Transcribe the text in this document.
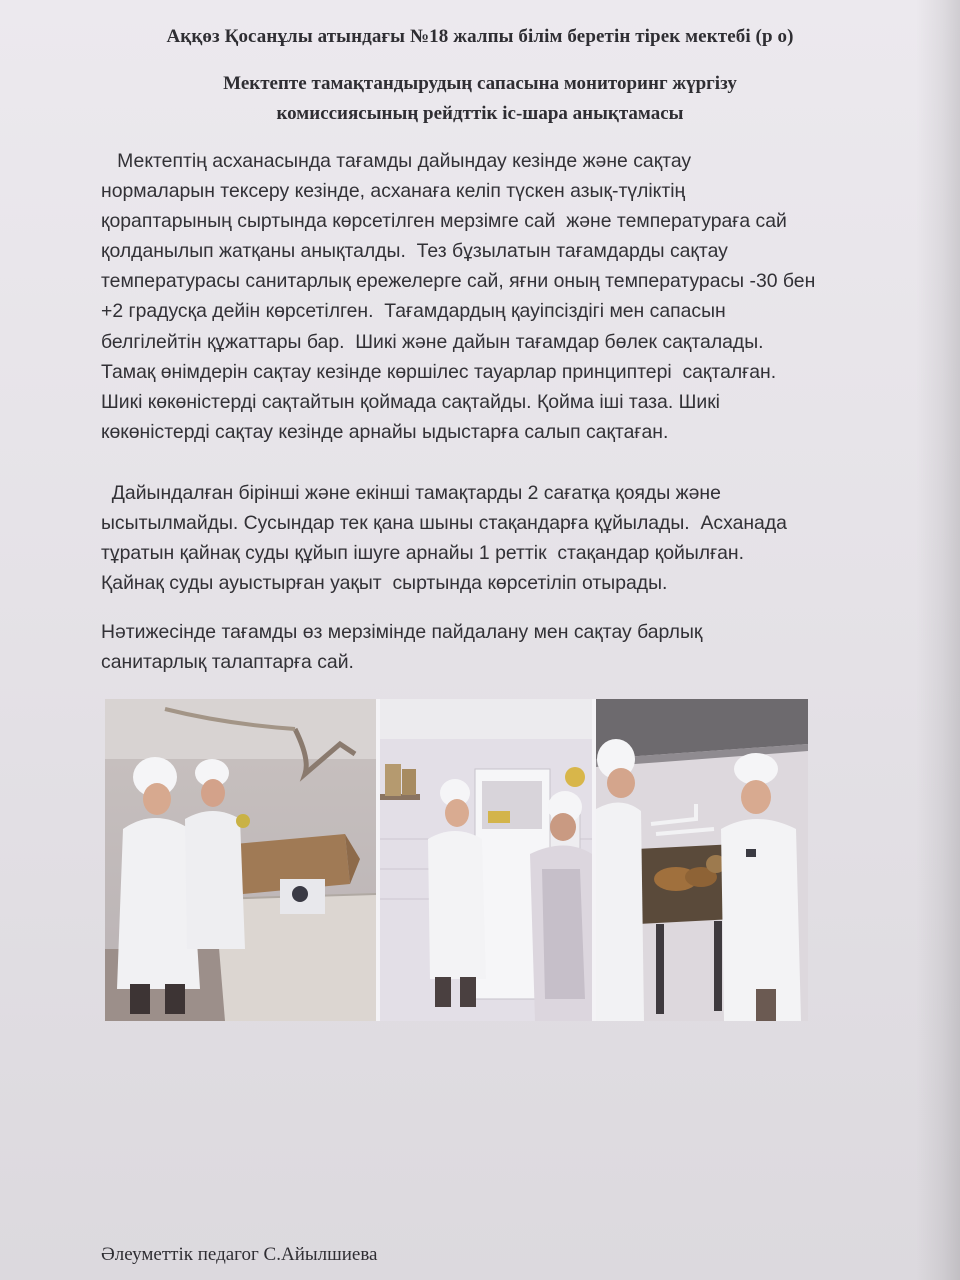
Аққөз Қосанұлы атындағы №18 жалпы білім беретін тірек мектебі (р о)
Мектепте тамақтандырудың сапасына мониторинг жүргізу
комиссиясының рейдттік іс-шара анықтамасы

Мектептің асханасында тағамды дайындау кезінде және сақтау
нормаларын тексеру кезінде, асханаға келіп түскен азық-түліктің
қораптарының сыртында көрсетілген мерзімге сай  және температураға сай
қолданылып жатқаны анықталды.  Тез бұзылатын тағамдарды сақтау
температурасы санитарлық ережелерге сай, яғни оның температурасы -30 бен
+2 градусқа дейін көрсетілген.  Тағамдардың қауіпсіздігі мен сапасын
белгілейтін құжаттары бар.  Шикі және дайын тағамдар бөлек сақталады.
Тамақ өнімдерін сақтау кезінде көршілес тауарлар принциптері  сақталған.
Шикі көкөністерді сақтайтын қоймада сақтайды. Қойма іші таза. Шикі
көкөністерді сақтау кезінде арнайы ыдыстарға салып сақтаған.

Дайындалған бірінші және екінші тамақтарды 2 сағатқа қояды және
ысытылмайды. Сусындар тек қана шыны стақандарға құйылады.  Асханада
тұратын қайнақ суды құйып ішуге арнайы 1 реттік  стақандар қойылған.
Қайнақ суды ауыстырған уақыт  сыртында көрсетіліп отырады.

Нәтижесінде тағамды өз мерзімінде пайдалану мен сақтау барлық
санитарлық талаптарға сай.

Әлеуметтік педагог С.Айылшиева
